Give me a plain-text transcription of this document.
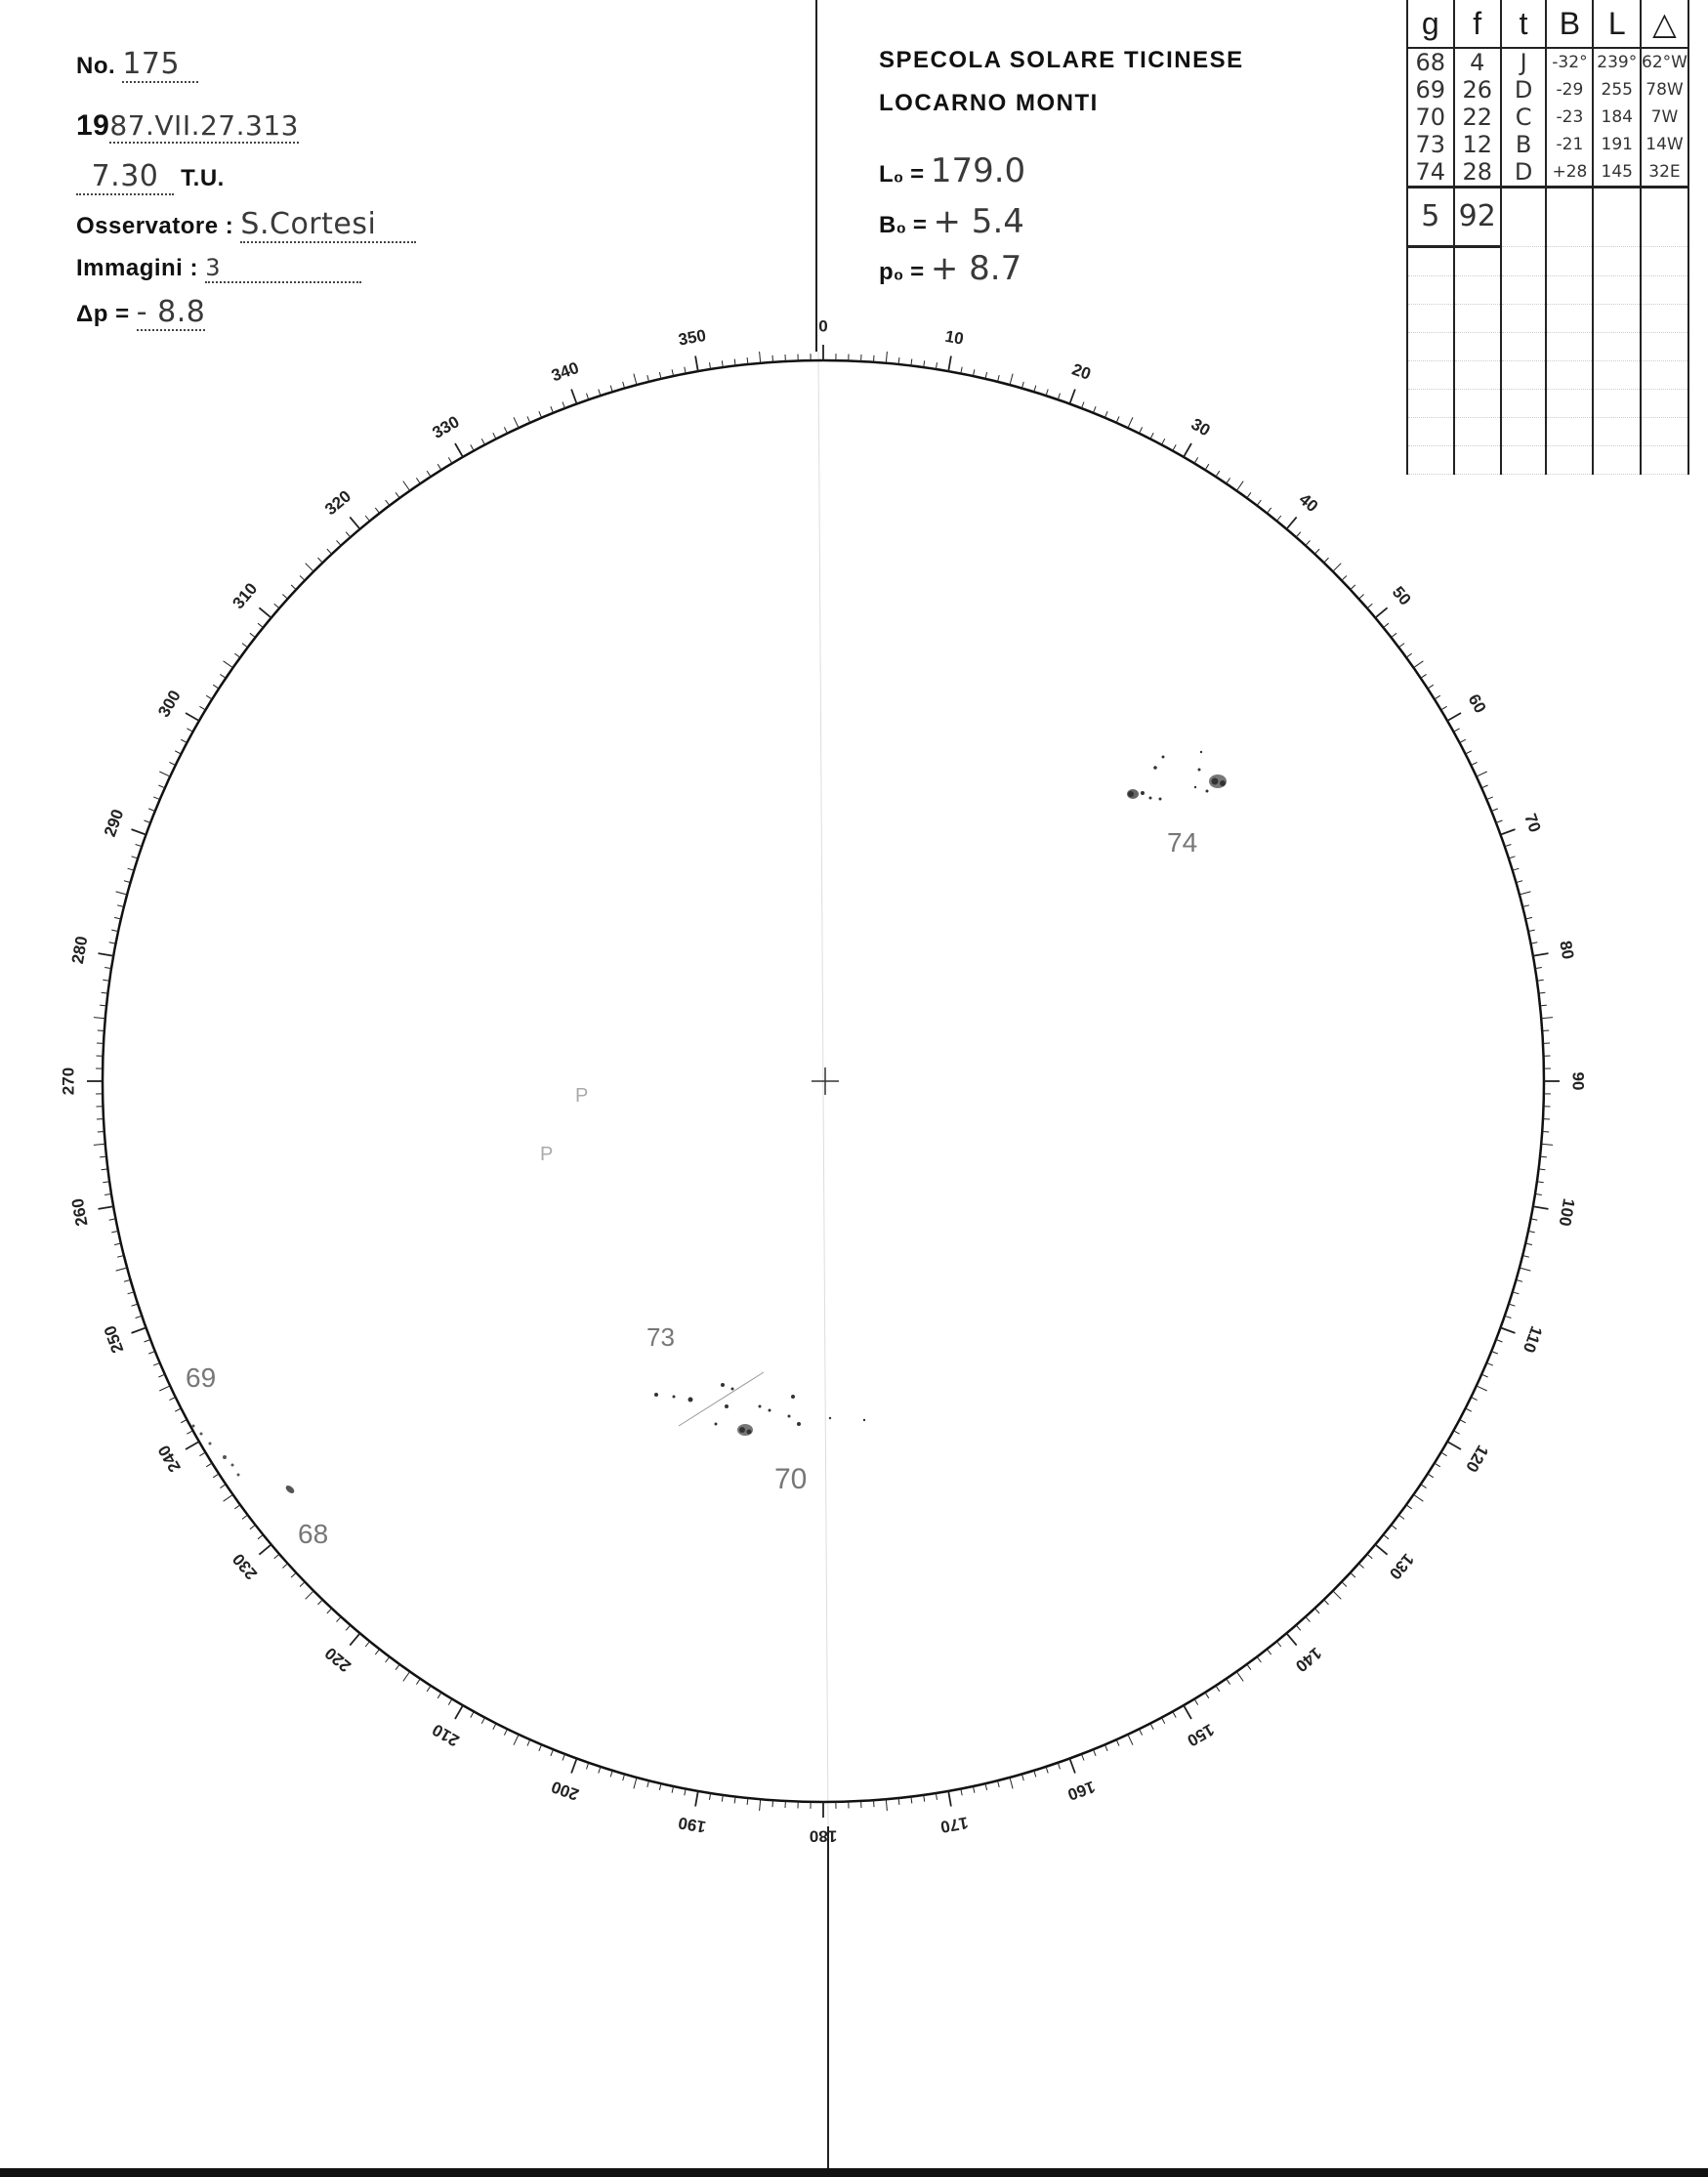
No. 175
1987.VII.27.313
7.30 T.U.
Osservatore : S.Cortesi
Immagini : 3
Δp = - 8.8
SPECOLA SOLARE TICINESE
LOCARNO MONTI
L₀ = 179.0
B₀ = + 5.4
p₀ = + 8.7
g	f	t	B	L	△
68	4	J	-32°	239°	62°W
69	26	D	-29	255	78W
70	22	C	-23	184	7W
73	12	B	-21	191	14W
74	28	D	+28	145	32E
5	92				

0
10
20
30
40
50
60
70
80
90
100
110
120
130
140
150
160
170
180
190
200
210
220
230
240
250
260
270
280
290
300
310
320
330
340
350
74
73
70
69
68
P
P
